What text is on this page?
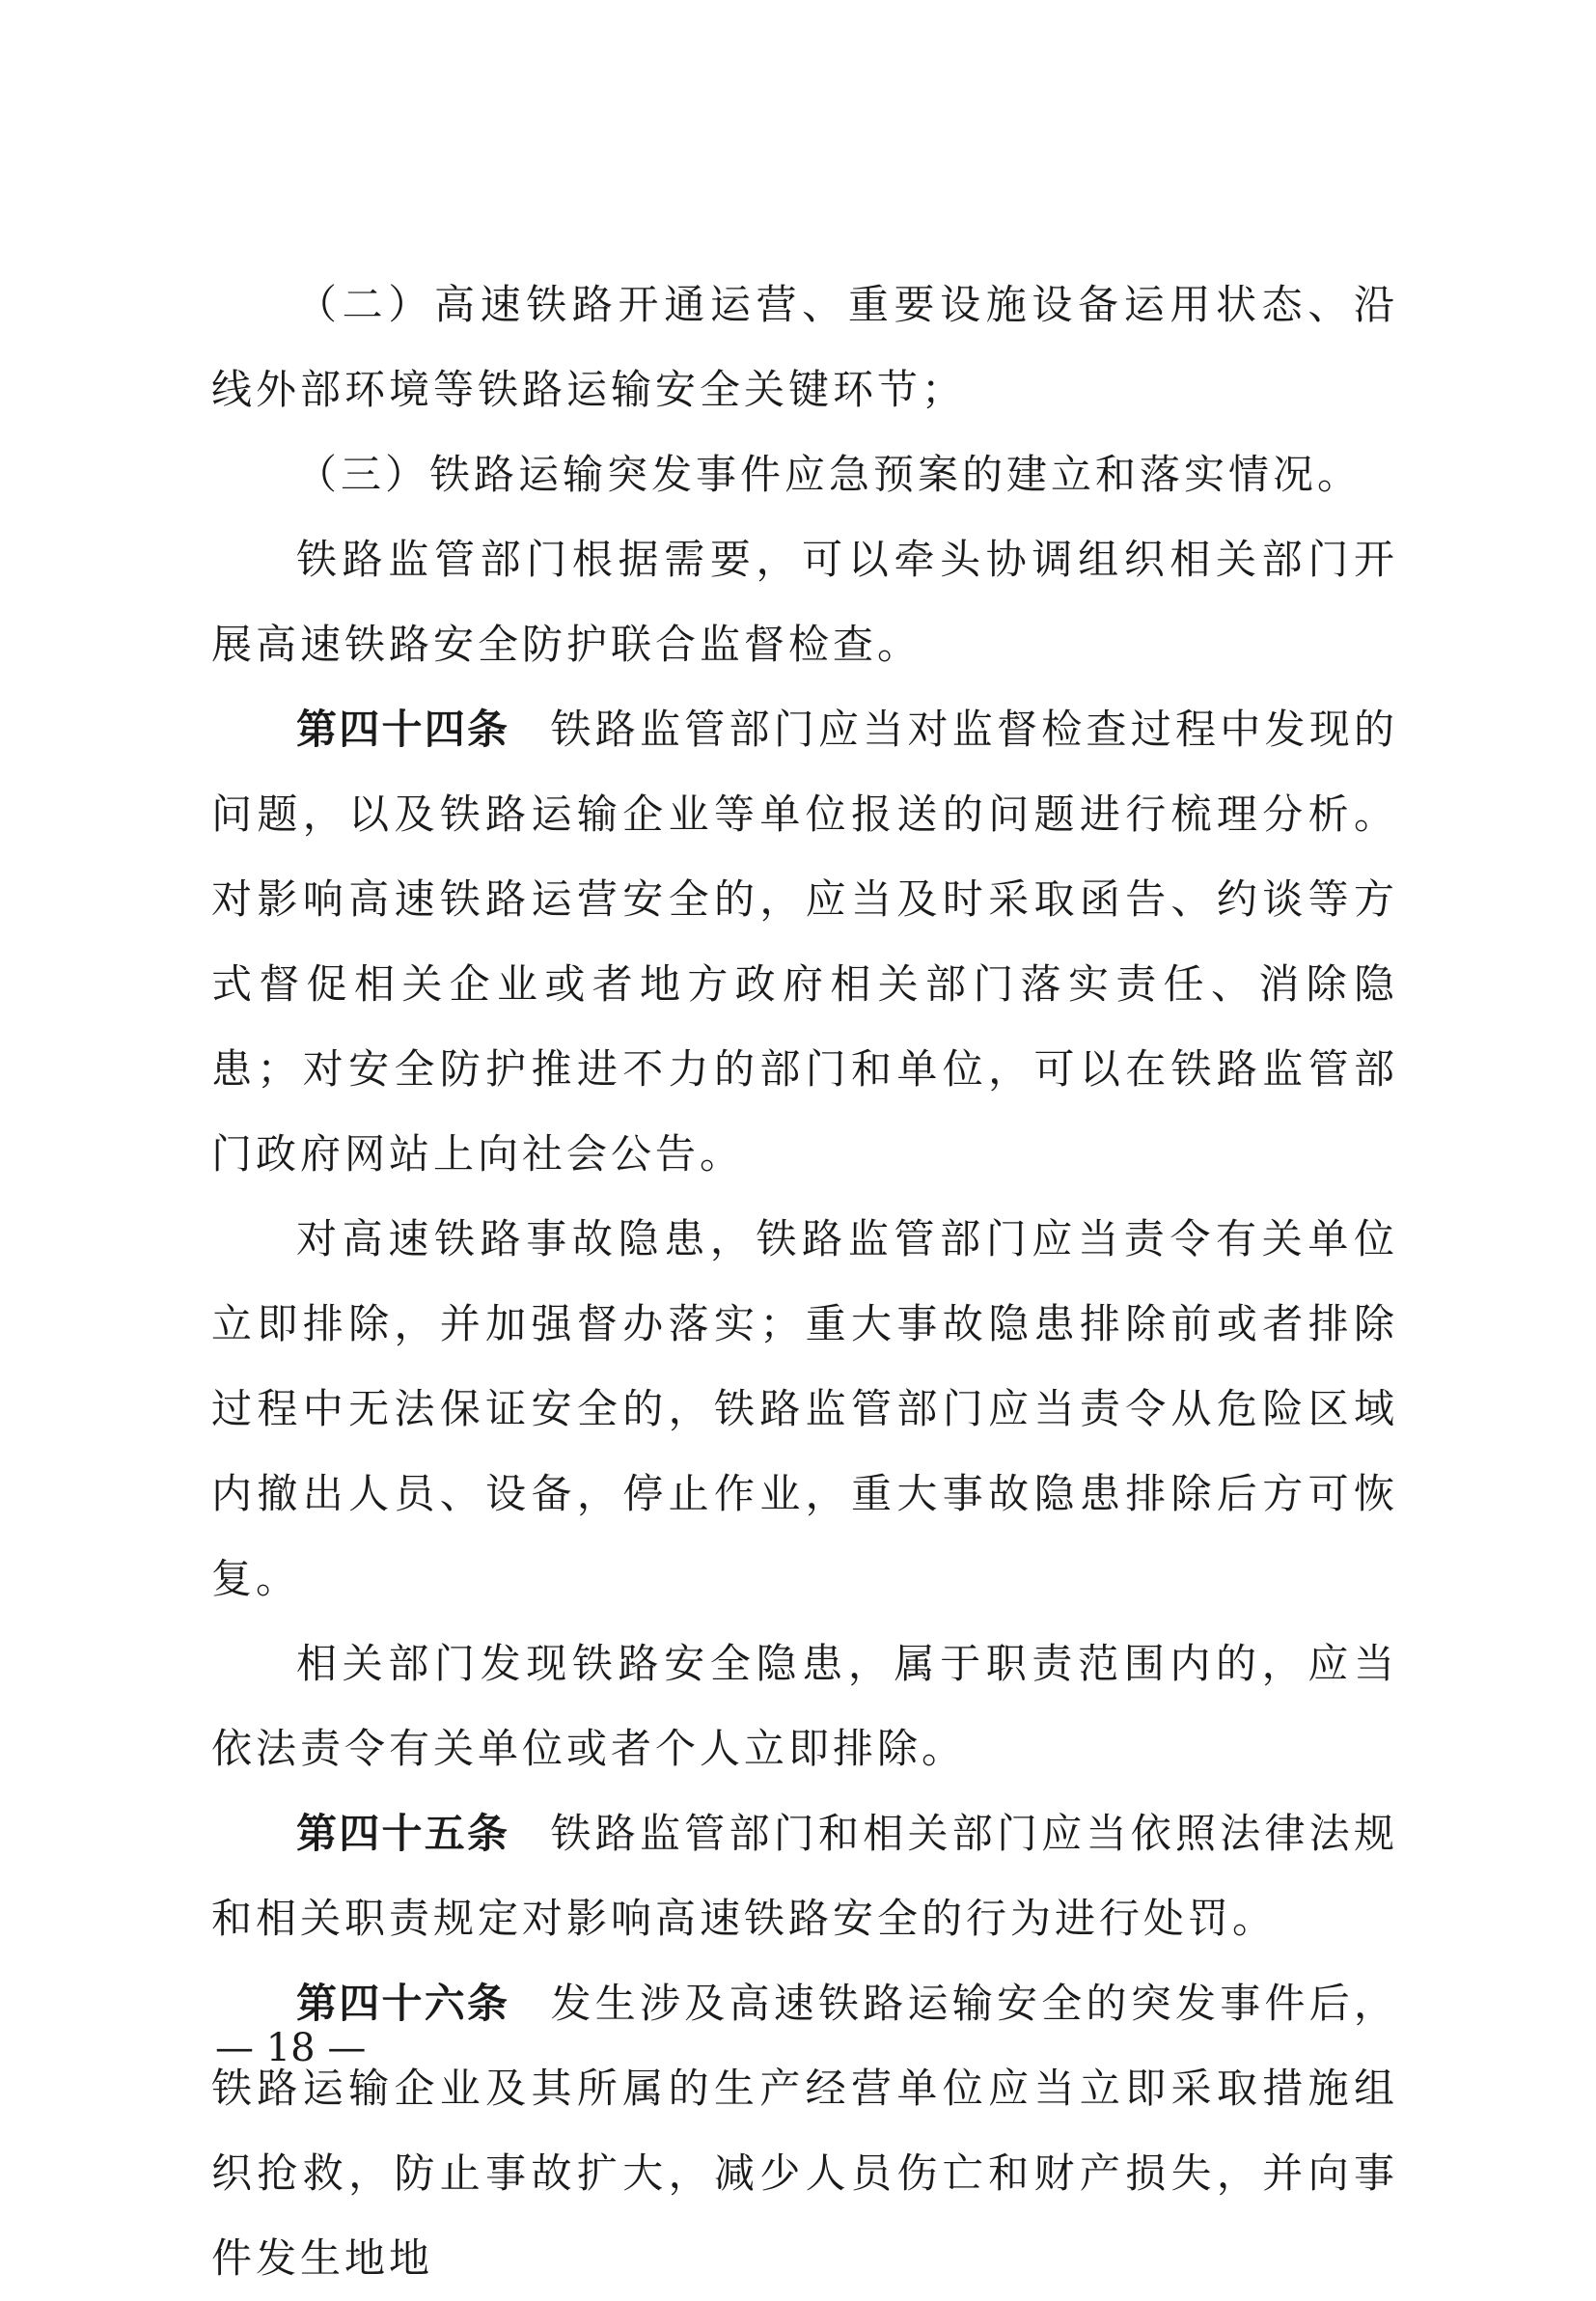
（二）高速铁路开通运营、重要设施设备运用状态、沿线外部环境等铁路运输安全关键环节；

（三）铁路运输突发事件应急预案的建立和落实情况。

铁路监管部门根据需要，可以牵头协调组织相关部门开展高速铁路安全防护联合监督检查。

第四十四条 铁路监管部门应当对监督检查过程中发现的问题，以及铁路运输企业等单位报送的问题进行梳理分析。对影响高速铁路运营安全的，应当及时采取函告、约谈等方式督促相关企业或者地方政府相关部门落实责任、消除隐患；对安全防护推进不力的部门和单位，可以在铁路监管部门政府网站上向社会公告。

对高速铁路事故隐患，铁路监管部门应当责令有关单位立即排除，并加强督办落实；重大事故隐患排除前或者排除过程中无法保证安全的，铁路监管部门应当责令从危险区域内撤出人员、设备，停止作业，重大事故隐患排除后方可恢复。

相关部门发现铁路安全隐患，属于职责范围内的，应当依法责令有关单位或者个人立即排除。

第四十五条 铁路监管部门和相关部门应当依照法律法规和相关职责规定对影响高速铁路安全的行为进行处罚。

第四十六条 发生涉及高速铁路运输安全的突发事件后，铁路运输企业及其所属的生产经营单位应当立即采取措施组织抢救，防止事故扩大，减少人员伤亡和财产损失，并向事件发生地地

— 18 —
